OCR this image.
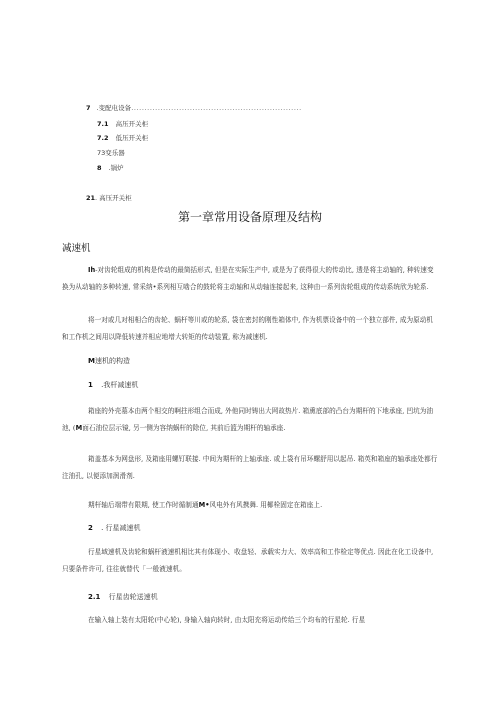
7 .变配电设备................................................................
7.1 高压开关柜
7.2 低压开关柜
73变乐器
8 .锅炉
21. 高压开关柜
第一章常用设备原理及结构
减速机
Ih-对齿轮组成的机构是传动的最简括形式, 但是在实际生产中, 或是为了获得很大的传动比, 透是将主动轴的, 种转速变换为从动轴的多种转速, 常采纳•系列相互啮合的鼓轮将主动轴和从动轴连接起来, 这种由一系列齿轮组成的传动系统欣为轮系.
将一对或几对相相合的齿轮、蜗杆等川或的轮系, 袋在密封的刚性箱体中, 作为机票设备中的一个独立部件, 成为原动机和工作机之间用以降低转速并相应地增大转矩的传动装置, 称为减速机.
M速机的构造
1 .我杆减速机
箱座的外壳墓本由两个相交的啊拄形组合而成, 外他同时铸出大网故热片. 箱熏底部的凸台为期杆的下地承座, 凹坑为油池, (M面石油位层示镜, 另一侧为容纳蜗杆的除位, 其前后篮为期杆的轴承座.
箱盖基本为网盘形, 及箱座用螺钉联接. 中间为期杆的上轴承座. 或上袋有吊环螺舒用以起吊. 箱英和箱座的轴承座处都行注油孔, 以便添加润滑剂.
期杆轴后端带有限期, 使工作时循制通M•风电外有风携舞. 用椰栓固定在箱座上.
2 . 行星减速机
行星域速机及齿轮和蜗杆液速机相比其有体现小、收盘轻、承载实力大、效率高和工作检定等优点. 因此在化工设备中, 只要条件许可, 往往就替代「一般液速机。
2.1 行星齿轮送速机
在输入轴上装有太阳轮(中心轮), 身输入轴向转时, 由太阳充将运动传给三个均布的行星轮. 行星
